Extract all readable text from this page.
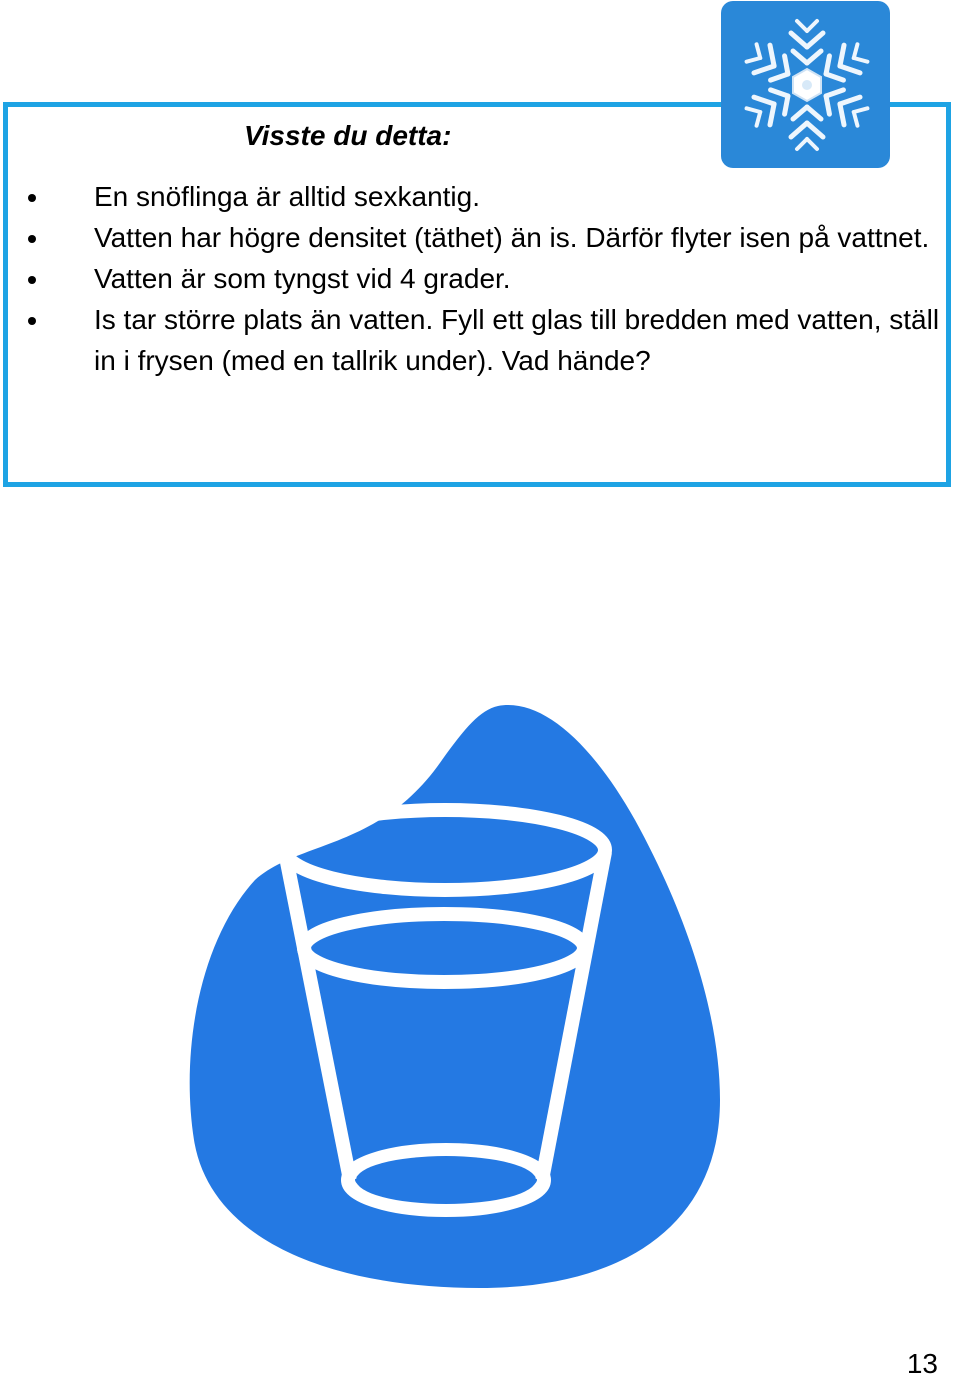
Visste du detta:
En snöflinga är alltid sexkantig.
Vatten har högre densitet (täthet) än is. Därför flyter isen på vattnet.
Vatten är som tyngst vid 4 grader.
Is tar större plats än vatten. Fyll ett glas till bredden med vatten, ställ in i frysen (med en tallrik under). Vad hände?
13
